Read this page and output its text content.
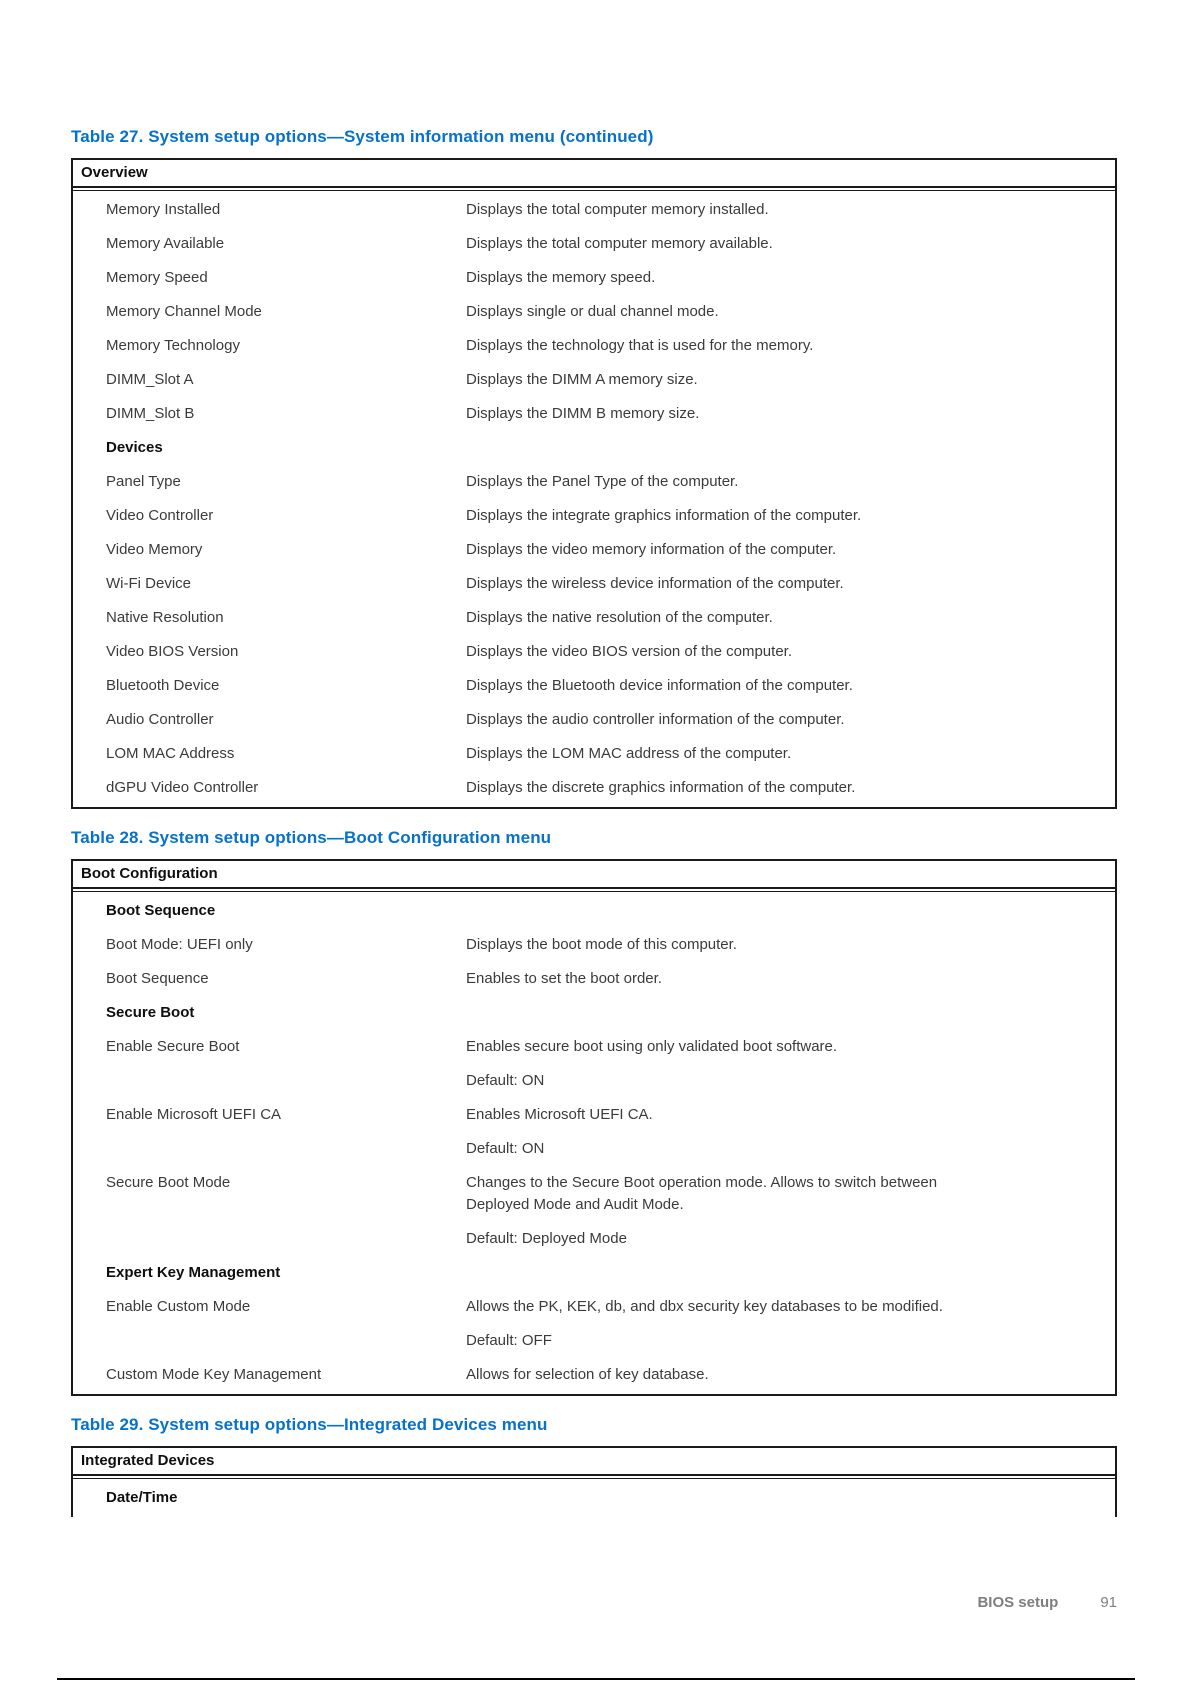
Table 27. System setup options—System information menu (continued)
Overview
Memory Installed	Displays the total computer memory installed.

Memory Available	Displays the total computer memory available.

Memory Speed	Displays the memory speed.

Memory Channel Mode	Displays single or dual channel mode.

Memory Technology	Displays the technology that is used for the memory.

DIMM_Slot A	Displays the DIMM A memory size.

DIMM_Slot B	Displays the DIMM B memory size.

Devices
Panel Type	Displays the Panel Type of the computer.

Video Controller	Displays the integrate graphics information of the computer.

Video Memory	Displays the video memory information of the computer.

Wi-Fi Device	Displays the wireless device information of the computer.

Native Resolution	Displays the native resolution of the computer.

Video BIOS Version	Displays the video BIOS version of the computer.

Bluetooth Device	Displays the Bluetooth device information of the computer.

Audio Controller	Displays the audio controller information of the computer.

LOM MAC Address	Displays the LOM MAC address of the computer.

dGPU Video Controller	Displays the discrete graphics information of the computer.

Table 28. System setup options—Boot Configuration menu
Boot Configuration
Boot Sequence
Boot Mode: UEFI only	Displays the boot mode of this computer.

Boot Sequence	Enables to set the boot order.

Secure Boot
Enable Secure Boot	Enables secure boot using only validated boot software.

Default: ON

Enable Microsoft UEFI CA	Enables Microsoft UEFI CA.

Default: ON

Secure Boot Mode	Changes to the Secure Boot operation mode. Allows to switch between Deployed Mode and Audit Mode.

Default: Deployed Mode

Expert Key Management
Enable Custom Mode	Allows the PK, KEK, db, and dbx security key databases to be modified.

Default: OFF

Custom Mode Key Management	Allows for selection of key database.

Table 29. System setup options—Integrated Devices menu
Integrated Devices
Date/Time
BIOS setup	91
